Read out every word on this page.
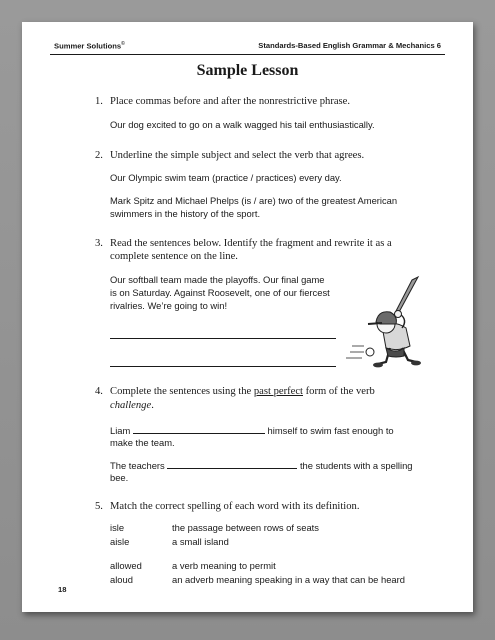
Summer Solutions©	Standards-Based English Grammar & Mechanics 6
Sample Lesson
1. Place commas before and after the nonrestrictive phrase.
Our dog excited to go on a walk wagged his tail enthusiastically.
2. Underline the simple subject and select the verb that agrees.
Our Olympic swim team (practice / practices) every day.
Mark Spitz and Michael Phelps (is / are) two of the greatest American
swimmers in the history of the sport.
3. Read the sentences below. Identify the fragment and rewrite it as a
complete sentence on the line.
Our softball team made the playoffs. Our final game
is on Saturday. Against Roosevelt, one of our fiercest
rivalries. We’re going to win!
4. Complete the sentences using the past perfect form of the verb
challenge.
Liam	himself to swim fast enough to
make the team.
The teachers	the students with a spelling
bee.
5. Match the correct spelling of each word with its definition.
isle	the passage between rows of seats
aisle	a small island
allowed	a verb meaning to permit
aloud	an adverb meaning speaking in a way that can be heard
18
